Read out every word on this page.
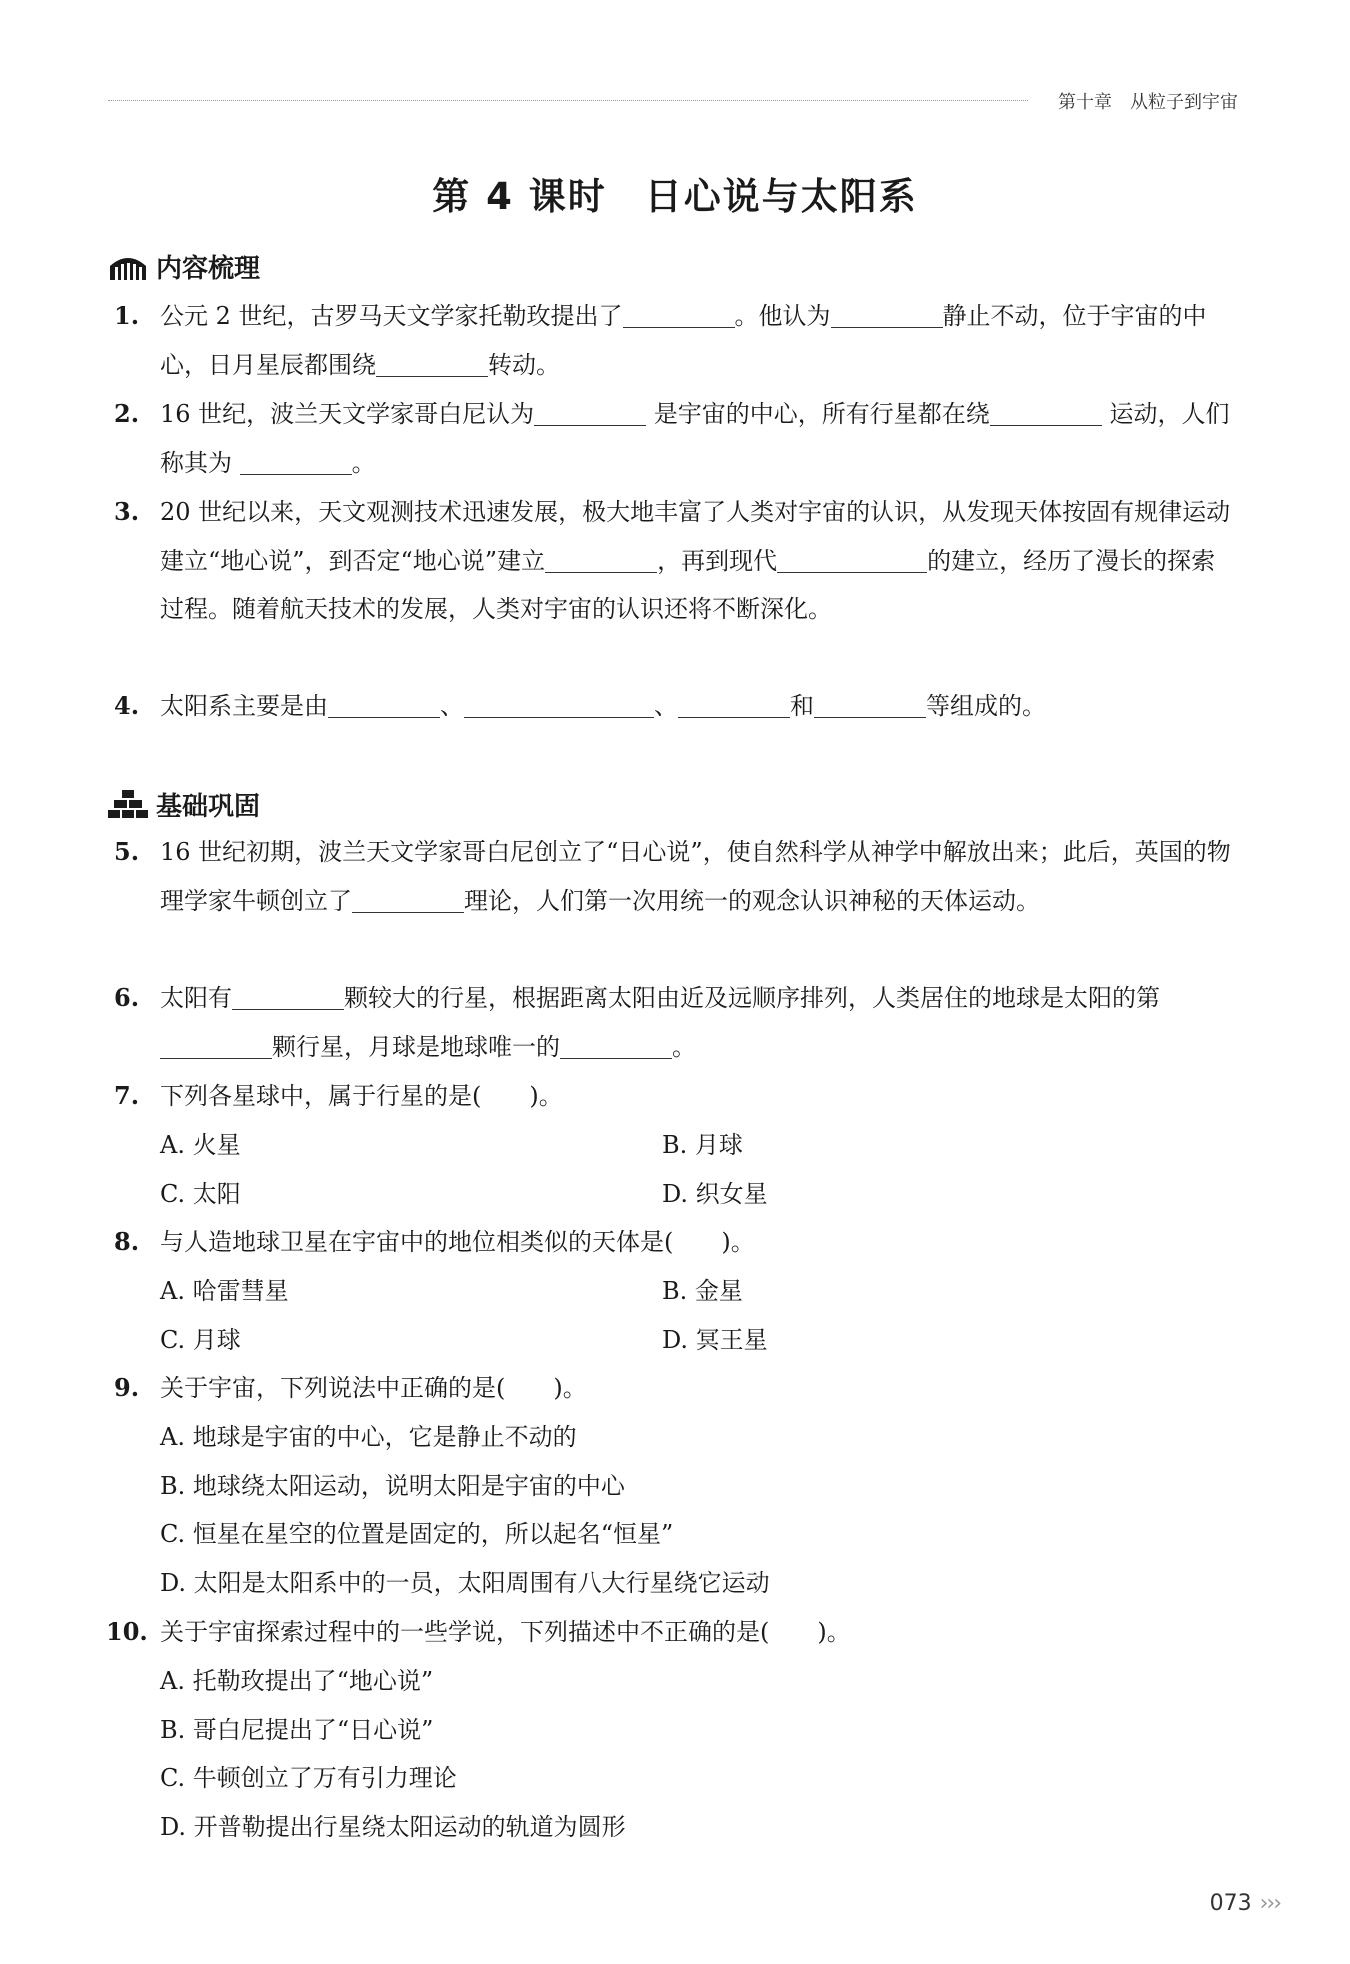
第十章　从粒子到宇宙
第 4 课时 日心说与太阳系
内容梳理
1. 公元 2 世纪，古罗马天文学家托勒玫提出了	。他认为	静止不动，位于宇宙的中心，日月星辰都围绕	转动。
2. 16 世纪，波兰天文学家哥白尼认为	是宇宙的中心，所有行星都在绕	运动，人们称其为	。
3. 20 世纪以来，天文观测技术迅速发展，极大地丰富了人类对宇宙的认识，从发现天体按固有规律运动建立“地心说”，到否定“地心说”建立	，再到现代	的建立，经历了漫长的探索过程。随着航天技术的发展，人类对宇宙的认识还将不断深化。
4. 太阳系主要是由	、	、	和	等组成的。
基础巩固
5. 16 世纪初期，波兰天文学家哥白尼创立了“日心说”，使自然科学从神学中解放出来；此后，英国的物理学家牛顿创立了	理论，人们第一次用统一的观念认识神秘的天体运动。
6. 太阳有	颗较大的行星，根据距离太阳由近及远顺序排列，人类居住的地球是太阳的第颗行星，月球是地球唯一的	。
7. 下列各星球中，属于行星的是(　　)。
A. 火星	B. 月球
C. 太阳	D. 织女星
8. 与人造地球卫星在宇宙中的地位相类似的天体是(　　)。
A. 哈雷彗星	B. 金星
C. 月球	D. 冥王星
9. 关于宇宙，下列说法中正确的是(　　)。
A. 地球是宇宙的中心，它是静止不动的
B. 地球绕太阳运动，说明太阳是宇宙的中心
C. 恒星在星空的位置是固定的，所以起名“恒星”
D. 太阳是太阳系中的一员，太阳周围有八大行星绕它运动
10. 关于宇宙探索过程中的一些学说，下列描述中不正确的是(　　)。
A. 托勒玫提出了“地心说”
B. 哥白尼提出了“日心说”
C. 牛顿创立了万有引力理论
D. 开普勒提出行星绕太阳运动的轨道为圆形
073 ›››
